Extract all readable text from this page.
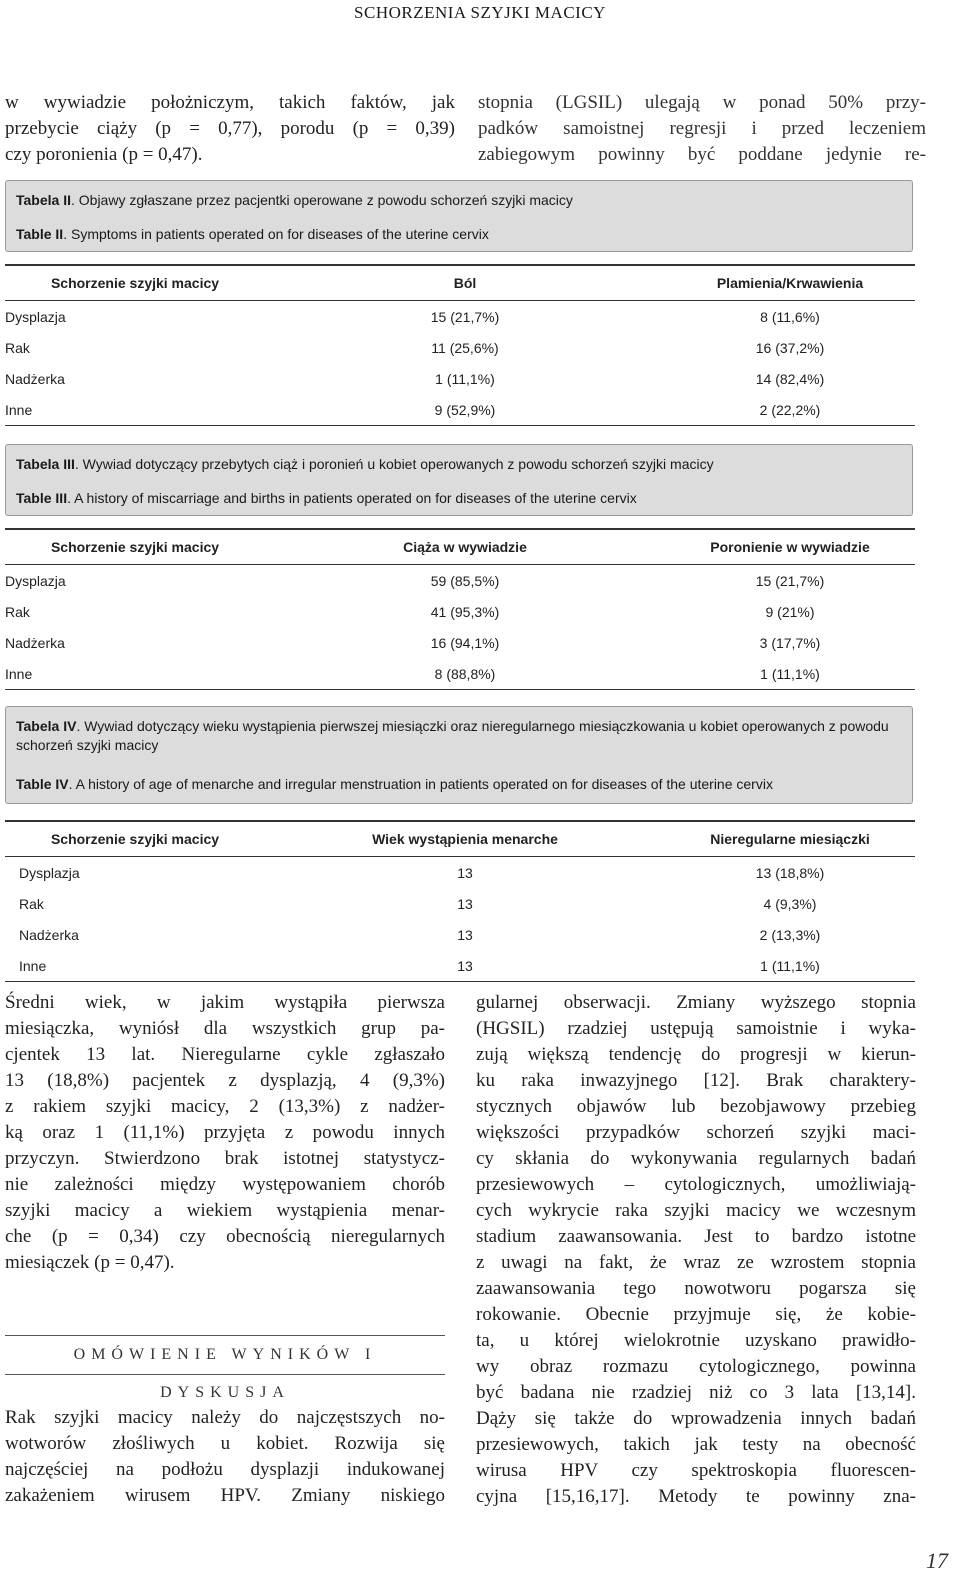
SCHORZENIA SZYJKI MACICY
w wywiadzie położniczym, takich faktów, jak
przebycie ciąży (p = 0,77), porodu (p = 0,39)
czy poronienia (p = 0,47).
stopnia (LGSIL) ulegają w ponad 50% przy-
padków samoistnej regresji i przed leczeniem
zabiegowym powinny być poddane jedynie re-

Tabela II. Objawy zgłaszane przez pacjentki operowane z powodu schorzeń szyjki macicy

Table II. Symptoms in patients operated on for diseases of the uterine cervix

Schorzenie szyjki macicy	Ból	Plamienia/Krwawienia
Dysplazja	15 (21,7%)	8 (11,6%)
Rak	11 (25,6%)	16 (37,2%)
Nadżerka	1 (11,1%)	14 (82,4%)
Inne	9 (52,9%)	2 (22,2%)

Tabela III. Wywiad dotyczący przebytych ciąż i poronień u kobiet operowanych z powodu schorzeń szyjki macicy

Table III. A history of miscarriage and births in patients operated on for diseases of the uterine cervix

Schorzenie szyjki macicy	Ciąża w wywiadzie	Poronienie w wywiadzie
Dysplazja	59 (85,5%)	15 (21,7%)
Rak	41 (95,3%)	9 (21%)
Nadżerka	16 (94,1%)	3 (17,7%)
Inne	8 (88,8%)	1 (11,1%)

Tabela IV. Wywiad dotyczący wieku wystąpienia pierwszej miesiączki oraz nieregularnego miesiączkowania u kobiet operowanych z powodu schorzeń szyjki macicy

Table IV. A history of age of menarche and irregular menstruation in patients operated on for diseases of the uterine cervix

Schorzenie szyjki macicy	Wiek wystąpienia menarche	Nieregularne miesiączki
Dysplazja	13	13 (18,8%)
Rak	13	4 (9,3%)
Nadżerka	13	2 (13,3%)
Inne	13	1 (11,1%)
Średni wiek, w jakim wystąpiła pierwsza
miesiączka, wyniósł dla wszystkich grup pa-
cjentek 13 lat. Nieregularne cykle zgłaszało
13 (18,8%) pacjentek z dysplazją, 4 (9,3%)
z rakiem szyjki macicy, 2 (13,3%) z nadżer-
ką oraz 1 (11,1%) przyjęta z powodu innych
przyczyn. Stwierdzono brak istotnej statystycz-
nie zależności między występowaniem chorób
szyjki macicy a wiekiem wystąpienia menar-
che (p = 0,34) czy obecnością nieregularnych
miesiączek (p = 0,47).
OMÓWIENIE WYNIKÓW I DYSKUSJA
Rak szyjki macicy należy do najczęstszych no-
wotworów złośliwych u kobiet. Rozwija się
najczęściej na podłożu dysplazji indukowanej
zakażeniem wirusem HPV. Zmiany niskiego
gularnej obserwacji. Zmiany wyższego stopnia
(HGSIL) rzadziej ustępują samoistnie i wyka-
zują większą tendencję do progresji w kierun-
ku raka inwazyjnego [12]. Brak charaktery-
stycznych objawów lub bezobjawowy przebieg
większości przypadków schorzeń szyjki maci-
cy skłania do wykonywania regularnych badań
przesiewowych – cytologicznych, umożliwiają-
cych wykrycie raka szyjki macicy we wczesnym
stadium zaawansowania. Jest to bardzo istotne
z uwagi na fakt, że wraz ze wzrostem stopnia
zaawansowania tego nowotworu pogarsza się
rokowanie. Obecnie przyjmuje się, że kobie-
ta, u której wielokrotnie uzyskano prawidło-
wy obraz rozmazu cytologicznego, powinna
być badana nie rzadziej niż co 3 lata [13,14].
Dąży się także do wprowadzenia innych badań
przesiewowych, takich jak testy na obecność
wirusa HPV czy spektroskopia fluorescen-
cyjna [15,16,17]. Metody te powinny zna-
17
